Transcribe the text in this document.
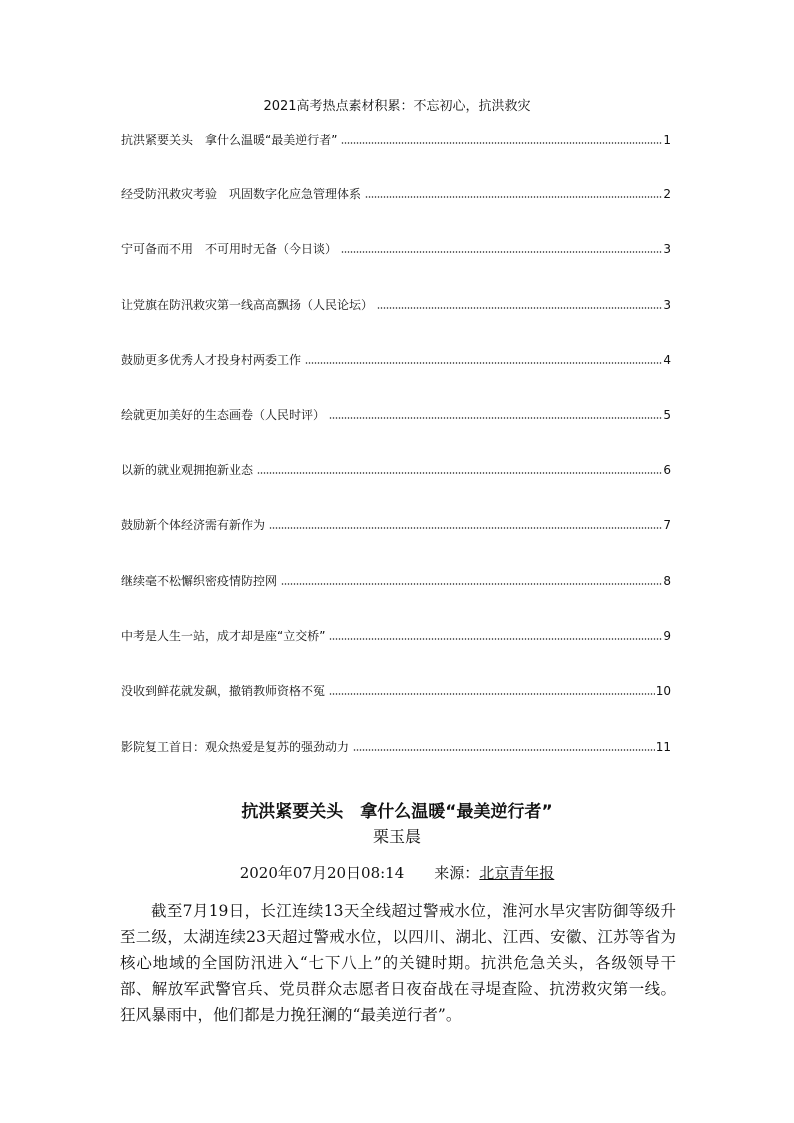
2021高考热点素材积累：不忘初心，抗洪救灾
抗洪紧要关头　拿什么温暖“最美逆行者”	1
经受防汛救灾考验　巩固数字化应急管理体系	2
宁可备而不用　不可用时无备（今日谈）	3
让党旗在防汛救灾第一线高高飘扬（人民论坛）	3
鼓励更多优秀人才投身村两委工作	4
绘就更加美好的生态画卷（人民时评）	5
以新的就业观拥抱新业态	6
鼓励新个体经济需有新作为	7
继续毫不松懈织密疫情防控网	8
中考是人生一站，成才却是座“立交桥”	9
没收到鲜花就发飙，撤销教师资格不冤	10
影院复工首日：观众热爱是复苏的强劲动力	11
抗洪紧要关头　拿什么温暖“最美逆行者”
栗玉晨
2020年07月20日08:14 来源：北京青年报

截至7月19日，长江连续13天全线超过警戒水位，淮河水旱灾害防御等级升至二级，太湖连续23天超过警戒水位，以四川、湖北、江西、安徽、江苏等省为核心地域的全国防汛进入“七下八上”的关键时期。抗洪危急关头，各级领导干部、解放军武警官兵、党员群众志愿者日夜奋战在寻堤查险、抗涝救灾第一线。狂风暴雨中，他们都是力挽狂澜的“最美逆行者”。
